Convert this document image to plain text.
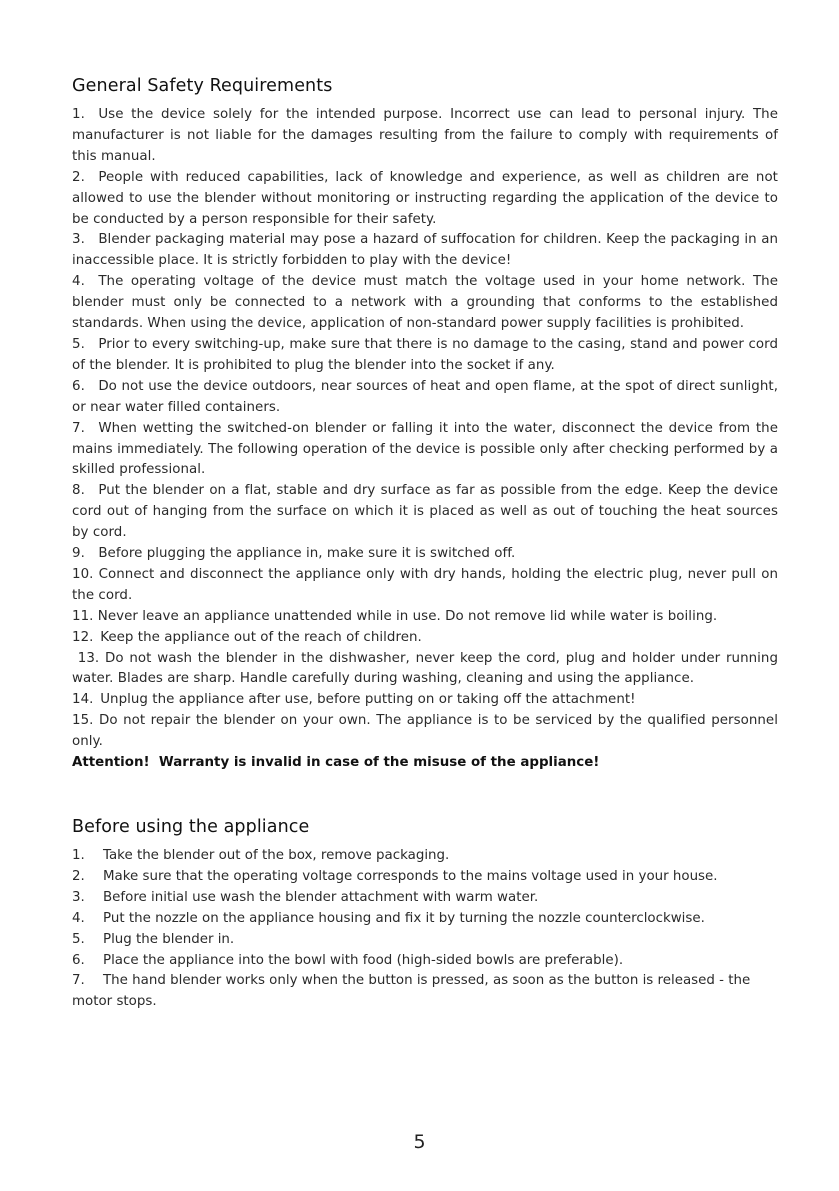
General Safety Requirements

1. Use the device solely for the intended purpose. Incorrect use can lead to personal injury. The manufacturer is not liable for the damages resulting from the failure to comply with requirements of this manual.

2. People with reduced capabilities, lack of knowledge and experience, as well as children are not allowed to use the blender without monitoring or instructing regarding the application of the device to be conducted by a person responsible for their safety.

3. Blender packaging material may pose a hazard of suffocation for children. Keep the packaging in an inaccessible place. It is strictly forbidden to play with the device!

4. The operating voltage of the device must match the voltage used in your home network. The blender must only be connected to a network with a grounding that conforms to the established standards. When using the device, application of non-standard power supply facilities is prohibited.

5. Prior to every switching-up, make sure that there is no damage to the casing, stand and power cord of the blender. It is prohibited to plug the blender into the socket if any.

6. Do not use the device outdoors, near sources of heat and open flame, at the spot of direct sunlight, or near water filled containers.

7. When wetting the switched-on blender or falling it into the water, disconnect the device from the mains immediately. The following operation of the device is possible only after checking performed by a skilled professional.

8. Put the blender on a flat, stable and dry surface as far as possible from the edge. Keep the device cord out of hanging from the surface on which it is placed as well as out of touching the heat sources by cord.

9. Before plugging the appliance in, make sure it is switched off.

10. Connect and disconnect the appliance only with dry hands, holding the electric plug, never pull on the cord.

11. Never leave an appliance unattended while in use. Do not remove lid while water is boiling.

12. Keep the appliance out of the reach of children.

13. Do not wash the blender in the dishwasher, never keep the cord, plug and holder under running water. Blades are sharp. Handle carefully during washing, cleaning and using the appliance.

14. Unplug the appliance after use, before putting on or taking off the attachment!

15. Do not repair the blender on your own. The appliance is to be serviced by the qualified personnel only.

Attention!  Warranty is invalid in case of the misuse of the appliance!

Before using the appliance

1. Take the blender out of the box, remove packaging.

2. Make sure that the operating voltage corresponds to the mains voltage used in your house.

3. Before initial use wash the blender attachment with warm water.

4. Put the nozzle on the appliance housing and fix it by turning the nozzle counterclockwise.

5. Plug the blender in.

6. Place the appliance into the bowl with food (high-sided bowls are preferable).

7. The hand blender works only when the button is pressed, as soon as the button is released - the motor stops.

5
